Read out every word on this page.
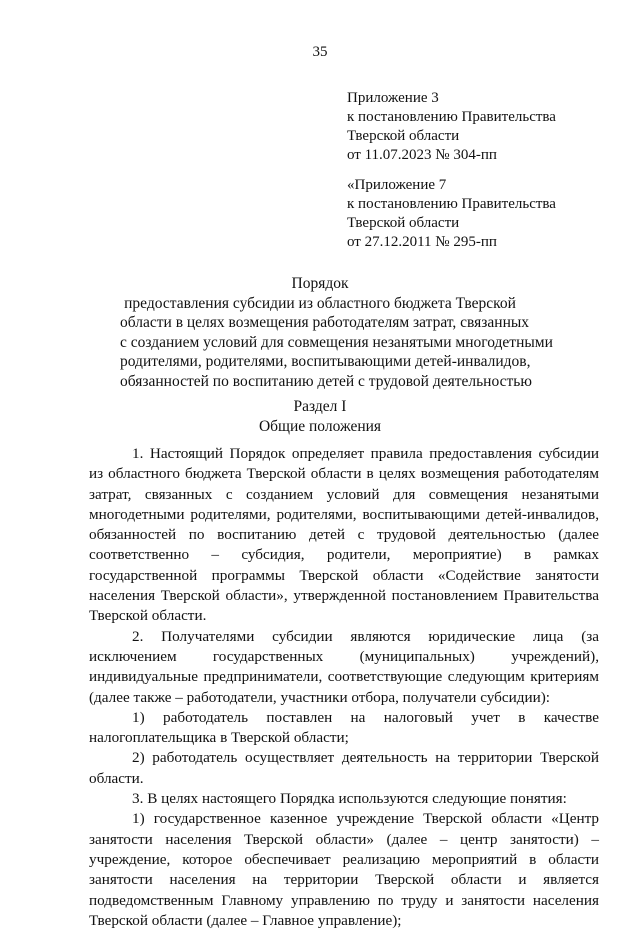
35
Приложение 3
к постановлению Правительства
Тверской области
от 11.07.2023 № 304-пп
«Приложение 7
к постановлению Правительства
Тверской области
от 27.12.2011 № 295-пп
Порядок
предоставления субсидии из областного бюджета Тверской
области в целях возмещения работодателям затрат, связанных
с созданием условий для совмещения незанятыми многодетными
родителями, родителями, воспитывающими детей-инвалидов,
обязанностей по воспитанию детей с трудовой деятельностью
Раздел I
Общие положения

1. Настоящий Порядок определяет правила предоставления субсидии из областного бюджета Тверской области в целях возмещения работодателям затрат, связанных с созданием условий для совмещения незанятыми многодетными родителями, родителями, воспитывающими детей-инвалидов, обязанностей по воспитанию детей с трудовой деятельностью (далее соответственно – субсидия, родители, мероприятие) в рамках государственной программы Тверской области «Содействие занятости населения Тверской области», утвержденной постановлением Правительства Тверской области.

2. Получателями субсидии являются юридические лица (за исключением государственных (муниципальных) учреждений), индивидуальные предприниматели, соответствующие следующим критериям (далее также – работодатели, участники отбора, получатели субсидии):

1) работодатель поставлен на налоговый учет в качестве налогоплательщика в Тверской области;

2) работодатель осуществляет деятельность на территории Тверской области.

3. В целях настоящего Порядка используются следующие понятия:

1) государственное казенное учреждение Тверской области «Центр занятости населения Тверской области» (далее – центр занятости) – учреждение, которое обеспечивает реализацию мероприятий в области занятости населения на территории Тверской области и является подведомственным Главному управлению по труду и занятости населения Тверской области (далее – Главное управление);
